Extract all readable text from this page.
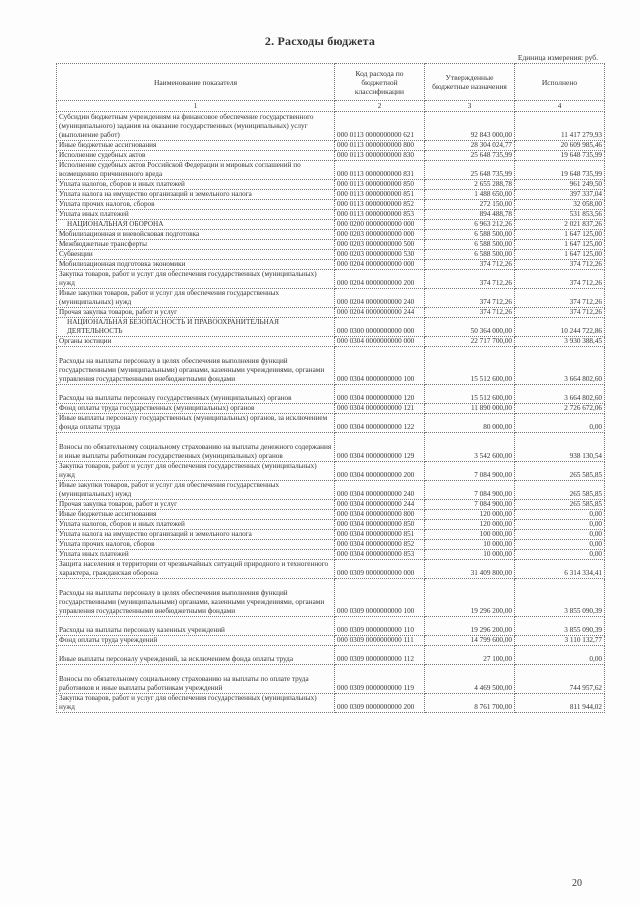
2. Расходы бюджета
Единица измерения: руб.
Наименование показателя	Код расхода по бюджетной классификации	Утвержденные бюджетные назначения	Исполнено
1	2	3	4
Субсидии бюджетным учреждениям на финансовое обеспечение государственного (муниципального) задания на оказание государственных (муниципальных) услуг (выполнение работ)	000 0113 0000000000 621	92 843 000,00	11 417 279,93
Иные бюджетные ассигнования	000 0113 0000000000 800	28 304 024,77	20 609 985,46
Исполнение судебных актов	000 0113 0000000000 830	25 648 735,99	19 648 735,99
Исполнение судебных актов Российской Федерации и мировых соглашений по возмещению причиненного вреда	000 0113 0000000000 831	25 648 735,99	19 648 735,99
Уплата налогов, сборов и иных платежей	000 0113 0000000000 850	2 655 288,78	961 249,50
Уплата налога на имущество организаций и земельного налога	000 0113 0000000000 851	1 488 650,00	397 337,04
Уплата прочих налогов, сборов	000 0113 0000000000 852	272 150,00	32 058,00
Уплата иных платежей	000 0113 0000000000 853	894 488,78	531 853,56
НАЦИОНАЛЬНАЯ ОБОРОНА	000 0200 0000000000 000	6 963 212,26	2 021 837,26
Мобилизационная и вневойсковая подготовка	000 0203 0000000000 000	6 588 500,00	1 647 125,00
Межбюджетные трансферты	000 0203 0000000000 500	6 588 500,00	1 647 125,00
Субвенции	000 0203 0000000000 530	6 588 500,00	1 647 125,00
Мобилизационная подготовка экономики	000 0204 0000000000 000	374 712,26	374 712,26
Закупка товаров, работ и услуг для обеспечения государственных (муниципальных) нужд	000 0204 0000000000 200	374 712,26	374 712,26
Иные закупки товаров, работ и услуг для обеспечения государственных (муниципальных) нужд	000 0204 0000000000 240	374 712,26	374 712,26
Прочая закупка товаров, работ и услуг	000 0204 0000000000 244	374 712,26	374 712,26
НАЦИОНАЛЬНАЯ БЕЗОПАСНОСТЬ И ПРАВООХРАНИТЕЛЬНАЯ ДЕЯТЕЛЬНОСТЬ	000 0300 0000000000 000	50 364 000,00	10 244 722,86
Органы юстиции	000 0304 0000000000 000	22 717 700,00	3 930 388,45
Расходы на выплаты персоналу в целях обеспечения выполнения функций государственными (муниципальными) органами, казенными учреждениями, органами управления государственными внебюджетными фондами	000 0304 0000000000 100	15 512 600,00	3 664 802,60
Расходы на выплаты персоналу государственных (муниципальных) органов	000 0304 0000000000 120	15 512 600,00	3 664 802,60
Фонд оплаты труда государственных (муниципальных) органов	000 0304 0000000000 121	11 890 000,00	2 726 672,06
Иные выплаты персоналу государственных (муниципальных) органов, за исключением фонда оплаты труда	000 0304 0000000000 122	80 000,00	0,00
Взносы по обязательному социальному страхованию на выплаты денежного содержания и иные выплаты работникам государственных (муниципальных) органов	000 0304 0000000000 129	3 542 600,00	938 130,54
Закупка товаров, работ и услуг для обеспечения государственных (муниципальных) нужд	000 0304 0000000000 200	7 084 900,00	265 585,85
Иные закупки товаров, работ и услуг для обеспечения государственных (муниципальных) нужд	000 0304 0000000000 240	7 084 900,00	265 585,85
Прочая закупка товаров, работ и услуг	000 0304 0000000000 244	7 084 900,00	265 585,85
Иные бюджетные ассигнования	000 0304 0000000000 800	120 000,00	0,00
Уплата налогов, сборов и иных платежей	000 0304 0000000000 850	120 000,00	0,00
Уплата налога на имущество организаций и земельного налога	000 0304 0000000000 851	100 000,00	0,00
Уплата прочих налогов, сборов	000 0304 0000000000 852	10 000,00	0,00
Уплата иных платежей	000 0304 0000000000 853	10 000,00	0,00
Защита населения и территории от чрезвычайных ситуаций природного и техногенного характера, гражданская оборона	000 0309 0000000000 000	31 409 800,00	6 314 334,41
Расходы на выплаты персоналу в целях обеспечения выполнения функций государственными (муниципальными) органами, казенными учреждениями, органами управления государственными внебюджетными фондами	000 0309 0000000000 100	19 296 200,00	3 855 090,39
Расходы на выплаты персоналу казенных учреждений	000 0309 0000000000 110	19 296 200,00	3 855 090,39
Фонд оплаты труда учреждений	000 0309 0000000000 111	14 799 600,00	3 110 132,77
Иные выплаты персоналу учреждений, за исключением фонда оплаты труда	000 0309 0000000000 112	27 100,00	0,00
Взносы по обязательному социальному страхованию на выплаты по оплате труда работников и иные выплаты работникам учреждений	000 0309 0000000000 119	4 469 500,00	744 957,62
Закупка товаров, работ и услуг для обеспечения государственных (муниципальных) нужд	000 0309 0000000000 200	8 761 700,00	811 944,02
20
